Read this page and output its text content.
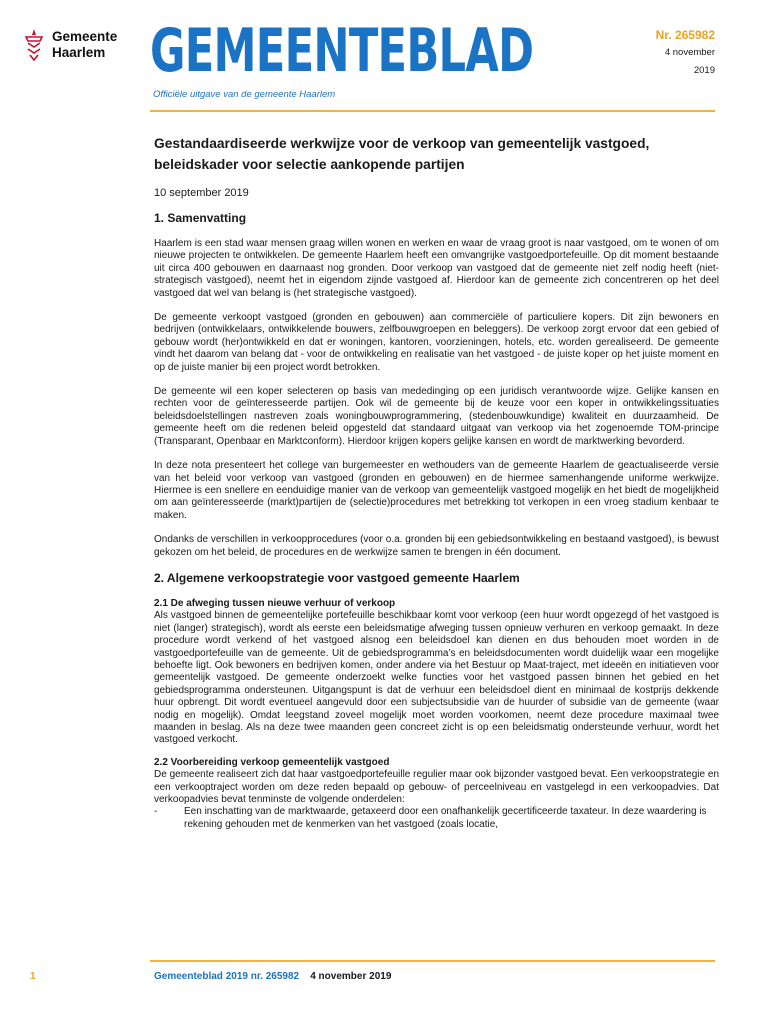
Gemeente
Haarlem GEMEENTEBLAD
Officiële uitgave van de gemeente Haarlem
Nr. 265982
4 november
2019
Gestandaardiseerde werkwijze voor de verkoop van gemeentelijk vastgoed, beleidskader voor selectie aankopende partijen
10 september 2019
1. Samenvatting

Haarlem is een stad waar mensen graag willen wonen en werken en waar de vraag groot is naar vastgoed, om te wonen of om nieuwe projecten te ontwikkelen. De gemeente Haarlem heeft een omvangrijke vastgoedportefeuille. Op dit moment bestaande uit circa 400 gebouwen en daarnaast nog gronden. Door verkoop van vastgoed dat de gemeente niet zelf nodig heeft (niet-strategisch vastgoed), neemt het in eigendom zijnde vastgoed af. Hierdoor kan de gemeente zich concentreren op het deel vastgoed dat wel van belang is (het strategische vastgoed).

De gemeente verkoopt vastgoed (gronden en gebouwen) aan commerciële of particuliere kopers. Dit zijn bewoners en bedrijven (ontwikkelaars, ontwikkelende bouwers, zelfbouwgroepen en beleggers). De verkoop zorgt ervoor dat een gebied of gebouw wordt (her)ontwikkeld en dat er woningen, kantoren, voorzieningen, hotels, etc. worden gerealiseerd. De gemeente vindt het daarom van belang dat - voor de ontwikkeling en realisatie van het vastgoed - de juiste koper op het juiste moment en op de juiste manier bij een project wordt betrokken.

De gemeente wil een koper selecteren op basis van mededinging op een juridisch verantwoorde wijze. Gelijke kansen en rechten voor de geïnteresseerde partijen. Ook wil de gemeente bij de keuze voor een koper in ontwikkelingssituaties beleidsdoelstellingen nastreven zoals woningbouwprogrammering, (stedenbouwkundige) kwaliteit en duurzaamheid. De gemeente heeft om die redenen beleid opgesteld dat standaard uitgaat van verkoop via het zogenoemde TOM-principe (Transparant, Openbaar en Marktconform). Hierdoor krijgen kopers gelijke kansen en wordt de marktwerking bevorderd.

In deze nota presenteert het college van burgemeester en wethouders van de gemeente Haarlem de geactualiseerde versie van het beleid voor verkoop van vastgoed (gronden en gebouwen) en de hiermee samenhangende uniforme werkwijze. Hiermee is een snellere en eenduidige manier van de verkoop van gemeentelijk vastgoed mogelijk en het biedt de mogelijkheid om aan geïnteresseerde (markt)partijen de (selectie)procedures met betrekking tot verkopen in een vroeg stadium kenbaar te maken.

Ondanks de verschillen in verkoopprocedures (voor o.a. gronden bij een gebiedsontwikkeling en bestaand vastgoed), is bewust gekozen om het beleid, de procedures en de werkwijze samen te brengen in één document.

2. Algemene verkoopstrategie voor vastgoed gemeente Haarlem
2.1 De afweging tussen nieuwe verhuur of verkoop

Als vastgoed binnen de gemeentelijke portefeuille beschikbaar komt voor verkoop (een huur wordt opgezegd of het vastgoed is niet (langer) strategisch), wordt als eerste een beleidsmatige afweging tussen opnieuw verhuren en verkoop gemaakt. In deze procedure wordt verkend of het vastgoed alsnog een beleidsdoel kan dienen en dus behouden moet worden in de vastgoedportefeuille van de gemeente. Uit de gebiedsprogramma’s en beleidsdocumenten wordt duidelijk waar een mogelijke behoefte ligt. Ook bewoners en bedrijven komen, onder andere via het Bestuur op Maat-traject, met ideeën en initiatieven voor gemeentelijk vastgoed. De gemeente onderzoekt welke functies voor het vastgoed passen binnen het gebied en het gebiedsprogramma ondersteunen. Uitgangspunt is dat de verhuur een beleidsdoel dient en minimaal de kostprijs dekkende huur opbrengt. Dit wordt eventueel aangevuld door een subjectsubsidie van de huurder of subsidie van de gemeente (waar nodig en mogelijk). Omdat leegstand zoveel mogelijk moet worden voorkomen, neemt deze procedure maximaal twee maanden in beslag. Als na deze twee maanden geen concreet zicht is op een beleidsmatig ondersteunde verhuur, wordt het vastgoed verkocht.

2.2 Voorbereiding verkoop gemeentelijk vastgoed

De gemeente realiseert zich dat haar vastgoedportefeuille regulier maar ook bijzonder vastgoed bevat. Een verkoopstrategie en een verkooptraject worden om deze reden bepaald op gebouw- of perceelniveau en vastgelegd in een verkoopadvies. Dat verkoopadvies bevat tenminste de volgende onderdelen:

-	Een inschatting van de marktwaarde, getaxeerd door een onafhankelijk gecertificeerde taxateur. In deze waardering is rekening gehouden met de kenmerken van het vastgoed (zoals locatie,
1	Gemeenteblad 2019 nr. 265982 4 november 2019
